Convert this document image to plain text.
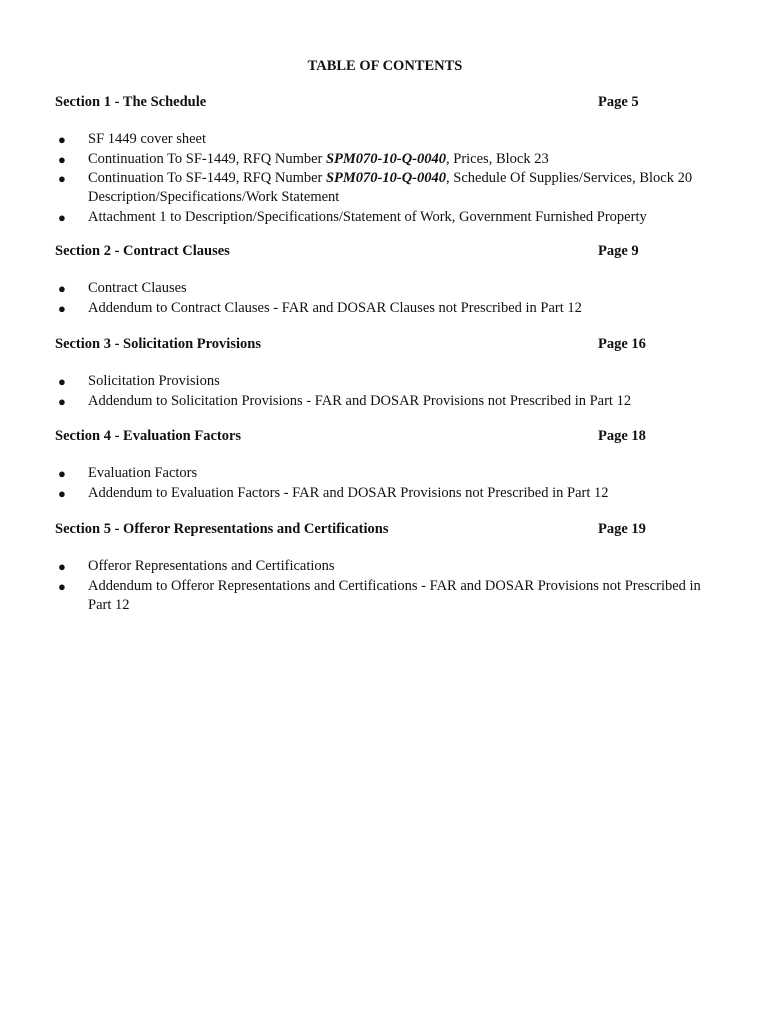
TABLE OF CONTENTS
Section 1 - The Schedule	Page 5
● SF 1449 cover sheet
● Continuation To SF-1449, RFQ Number SPM070-10-Q-0040, Prices, Block 23
● Continuation To SF-1449, RFQ Number SPM070-10-Q-0040, Schedule Of Supplies/Services, Block 20 Description/Specifications/Work Statement
● Attachment 1 to Description/Specifications/Statement of Work, Government Furnished Property
Section 2 - Contract Clauses	Page 9
● Contract Clauses
● Addendum to Contract Clauses - FAR and DOSAR Clauses not Prescribed in Part 12
Section 3 - Solicitation Provisions	Page 16
● Solicitation Provisions
● Addendum to Solicitation Provisions - FAR and DOSAR Provisions not Prescribed in Part 12
Section 4 - Evaluation Factors	Page 18
● Evaluation Factors
● Addendum to Evaluation Factors - FAR and DOSAR Provisions not Prescribed in Part 12
Section 5 - Offeror Representations and Certifications	Page 19
● Offeror Representations and Certifications
● Addendum to Offeror Representations and Certifications - FAR and DOSAR Provisions not Prescribed in Part 12
